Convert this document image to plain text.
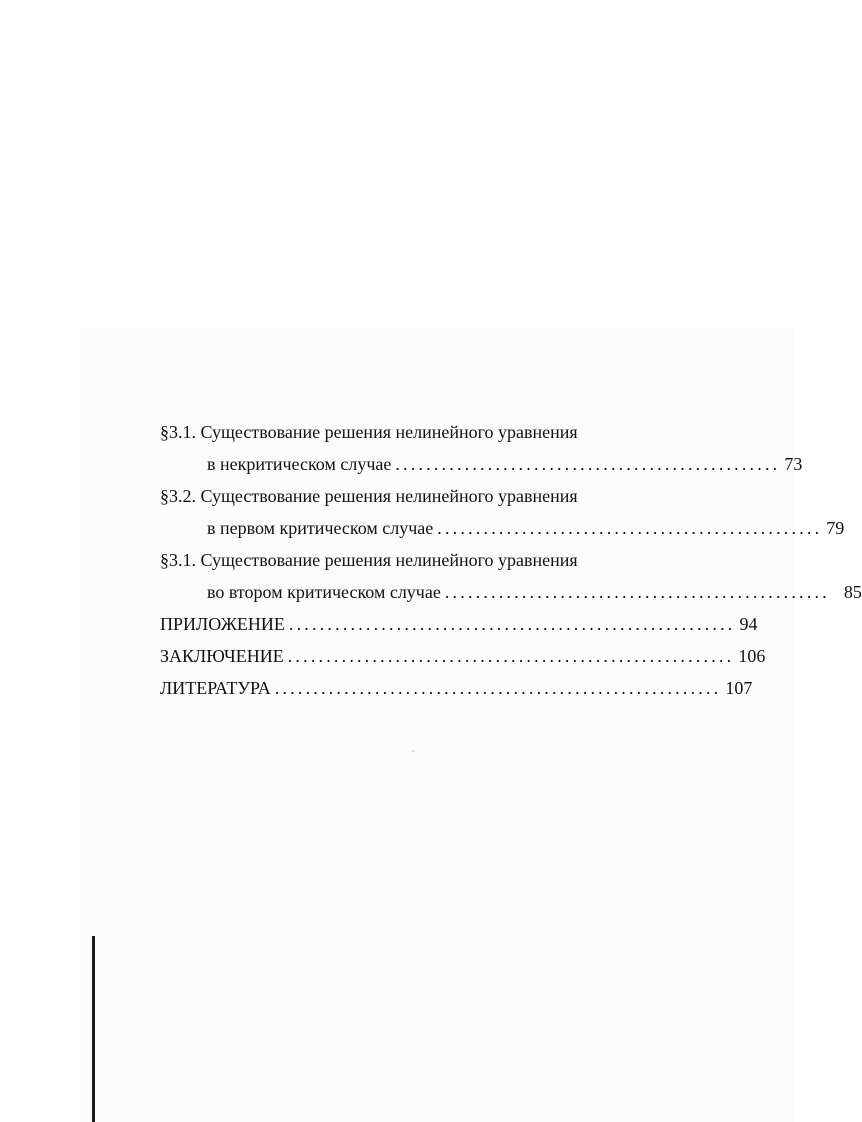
§3.1. Существование решения нелинейного уравнения
в некритическом случае .................................................. 73
§3.2. Существование решения нелинейного уравнения
в первом критическом случае .................................................. 79
§3.1. Существование решения нелинейного уравнения
во втором критическом случае .................................................. 85
ПРИЛОЖЕНИЕ .......................................................... 94
ЗАКЛЮЧЕНИЕ .......................................................... 106
ЛИТЕРАТУРА .......................................................... 107
